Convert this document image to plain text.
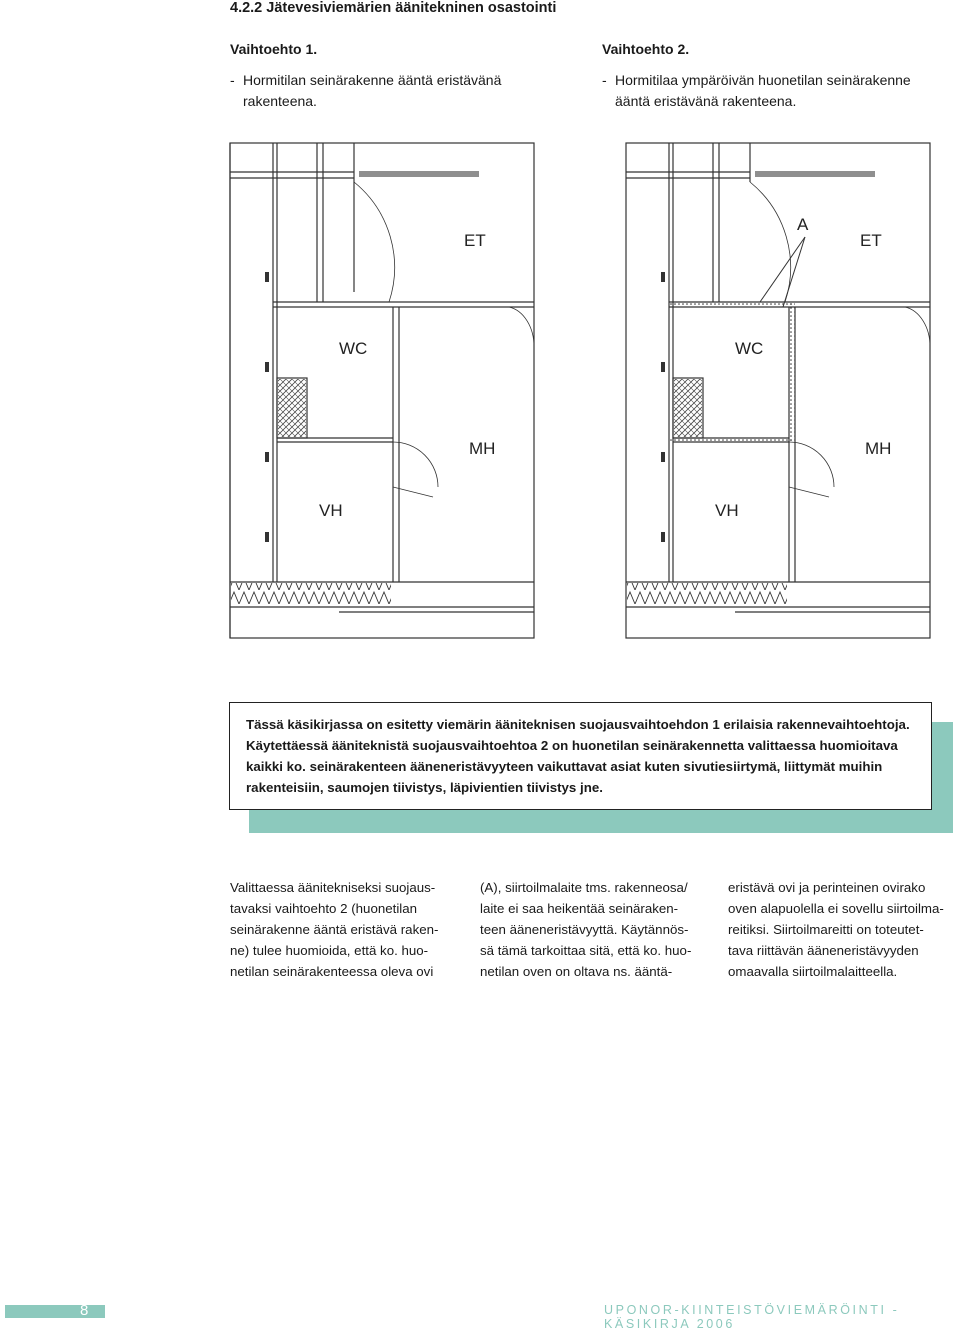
4.2.2 Jätevesiviemärien äänitekninen osastointi
Vaihtoehto 1.
- Hormitilan seinärakenne ääntä eristävänä rakenteena.
Vaihtoehto 2.
- Hormitilaa ympäröivän huonetilan seinärakenne ääntä eristävänä rakenteena.
ET
WC
MH
VH
A
ET
WC
MH
VH
Tässä käsikirjassa on esitetty viemärin ääniteknisen suojausvaihtoehdon 1 erilaisia rakennevaihtoehtoja. Käytettäessä ääniteknistä suojausvaihtoehtoa 2 on huonetilan seinärakennetta valittaessa huomioitava kaikki ko. seinärakenteen ääneneristävyyteen vaikuttavat asiat kuten sivutiesiirtymä, liittymät muihin rakenteisiin, saumojen tiivistys, läpivientien tiivistys jne.
Valittaessa äänitekniseksi suojaus-
tavaksi vaihtoehto 2 (huonetilan
seinärakenne ääntä eristävä raken-
ne) tulee huomioida, että ko. huo-
netilan seinärakenteessa oleva ovi
(A), siirtoilmalaite tms. rakenneosa/
laite ei saa heikentää seinäraken-
teen ääneneristävyyttä. Käytännös-
sä tämä tarkoittaa sitä, että ko. huo-
netilan oven on oltava ns. ääntä-
eristävä ovi ja perinteinen ovirako
oven alapuolella ei sovellu siirtoilma-
reitiksi. Siirtoilmareitti on toteutet-
tava riittävän ääneneristävyyden
omaavalla siirtoilmalaitteella.
8	UPONOR-KIINTEISTÖVIEMÄRÖINTI - KÄSIKIRJA 2006
